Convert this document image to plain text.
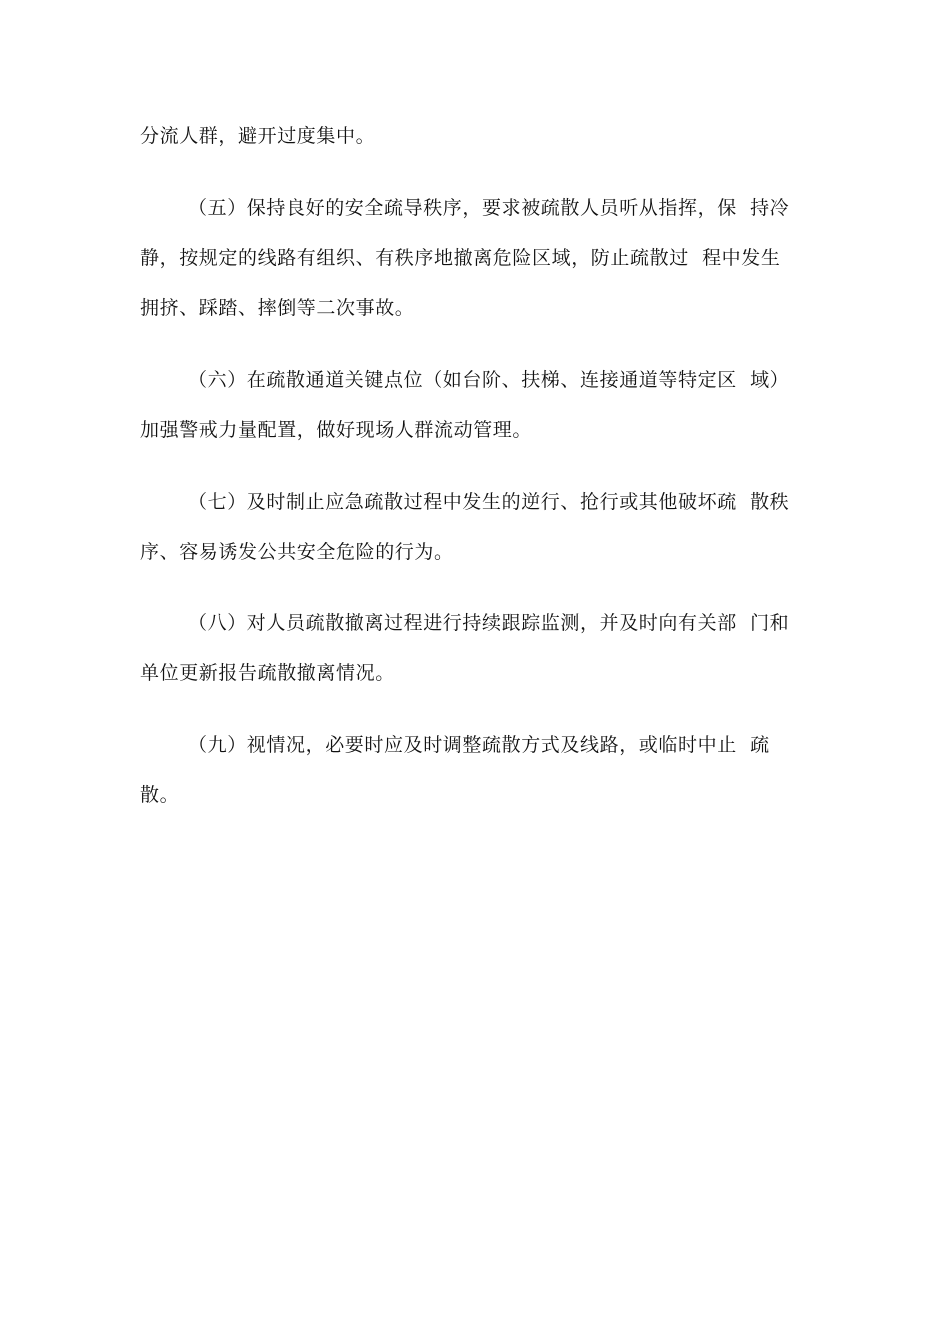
分流人群，避开过度集中。
（五）保持良好的安全疏导秩序，要求被疏散人员听从指挥，保  持冷
静，按规定的线路有组织、有秩序地撤离危险区域，防止疏散过  程中发生
拥挤、踩踏、摔倒等二次事故。
（六）在疏散通道关键点位（如台阶、扶梯、连接通道等特定区  域）
加强警戒力量配置，做好现场人群流动管理。
（七）及时制止应急疏散过程中发生的逆行、抢行或其他破坏疏  散秩
序、容易诱发公共安全危险的行为。
（八）对人员疏散撤离过程进行持续跟踪监测，并及时向有关部  门和
单位更新报告疏散撤离情况。
（九）视情况，必要时应及时调整疏散方式及线路，或临时中止  疏
散。
